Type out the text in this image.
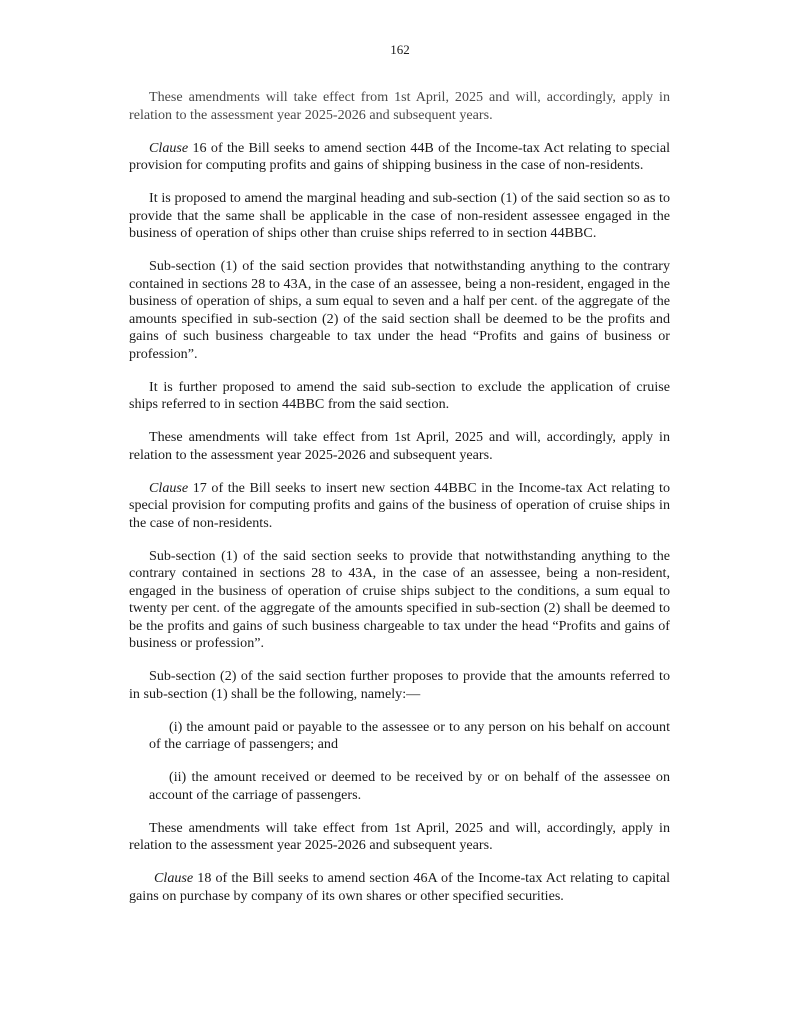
162

These amendments will take effect from 1st April, 2025 and will, accordingly, apply in relation to the assessment year 2025-2026 and subsequent years.

Clause 16 of the Bill seeks to amend section 44B of the Income-tax Act relating to special provision for computing profits and gains of shipping business in the case of non-residents.

It is proposed to amend the marginal heading and sub-section (1) of the said section so as to provide that the same shall be applicable in the case of non-resident assessee engaged in the business of operation of ships other than cruise ships referred to in section 44BBC.

Sub-section (1) of the said section provides that notwithstanding anything to the contrary contained in sections 28 to 43A, in the case of an assessee, being a non-resident, engaged in the business of operation of ships, a sum equal to seven and a half per cent. of the aggregate of the amounts specified in sub-section (2) of the said section shall be deemed to be the profits and gains of such business chargeable to tax under the head “Profits and gains of business or profession”.

It is further proposed to amend the said sub-section to exclude the application of cruise ships referred to in section 44BBC from the said section.

These amendments will take effect from 1st April, 2025 and will, accordingly, apply in relation to the assessment year 2025-2026 and subsequent years.

Clause 17 of the Bill seeks to insert new section 44BBC in the Income-tax Act relating to special provision for computing profits and gains of the business of operation of cruise ships in the case of non-residents.

Sub-section (1) of the said section seeks to provide that notwithstanding anything to the contrary contained in sections 28 to 43A, in the case of an assessee, being a non-resident, engaged in the business of operation of cruise ships subject to the conditions, a sum equal to twenty per cent. of the aggregate of the amounts specified in sub-section (2) shall be deemed to be the profits and gains of such business chargeable to tax under the head “Profits and gains of business or profession”.

Sub-section (2) of the said section further proposes to provide that the amounts referred to in sub-section (1) shall be the following, namely:—

(i) the amount paid or payable to the assessee or to any person on his behalf on account of the carriage of passengers; and

(ii) the amount received or deemed to be received by or on behalf of the assessee on account of the carriage of passengers.

These amendments will take effect from 1st April, 2025 and will, accordingly, apply in relation to the assessment year 2025-2026 and subsequent years.

Clause 18 of the Bill seeks to amend section 46A of the Income-tax Act relating to capital gains on purchase by company of its own shares or other specified securities.
